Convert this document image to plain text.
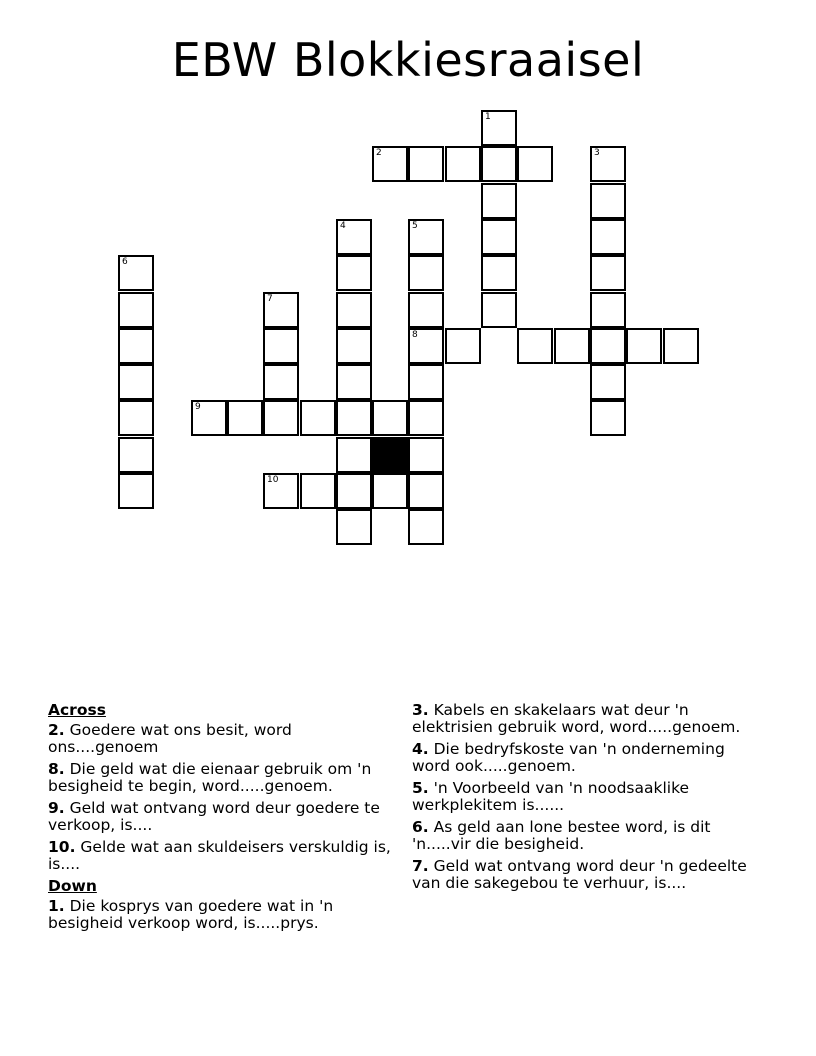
EBW Blokkiesraaisel
1
2	3
4	5
8
6
7
10
9
Across
2. Goedere wat ons besit, word ons....genoem
8. Die geld wat die eienaar gebruik om 'n besigheid te begin, word.....genoem.
9. Geld wat ontvang word deur goedere te verkoop, is....
10. Gelde wat aan skuldeisers verskuldig is, is....
Down
1. Die kosprys van goedere wat in 'n besigheid verkoop word, is.....prys.
3. Kabels en skakelaars wat deur 'n elektrisien gebruik word, word.....genoem.
4. Die bedryfskoste van 'n onderneming word ook.....genoem.
5. 'n Voorbeeld van 'n noodsaaklike werkplekitem is......
6. As geld aan lone bestee word, is dit 'n.....vir die besigheid.
7. Geld wat ontvang word deur 'n gedeelte van die sakegebou te verhuur, is....
